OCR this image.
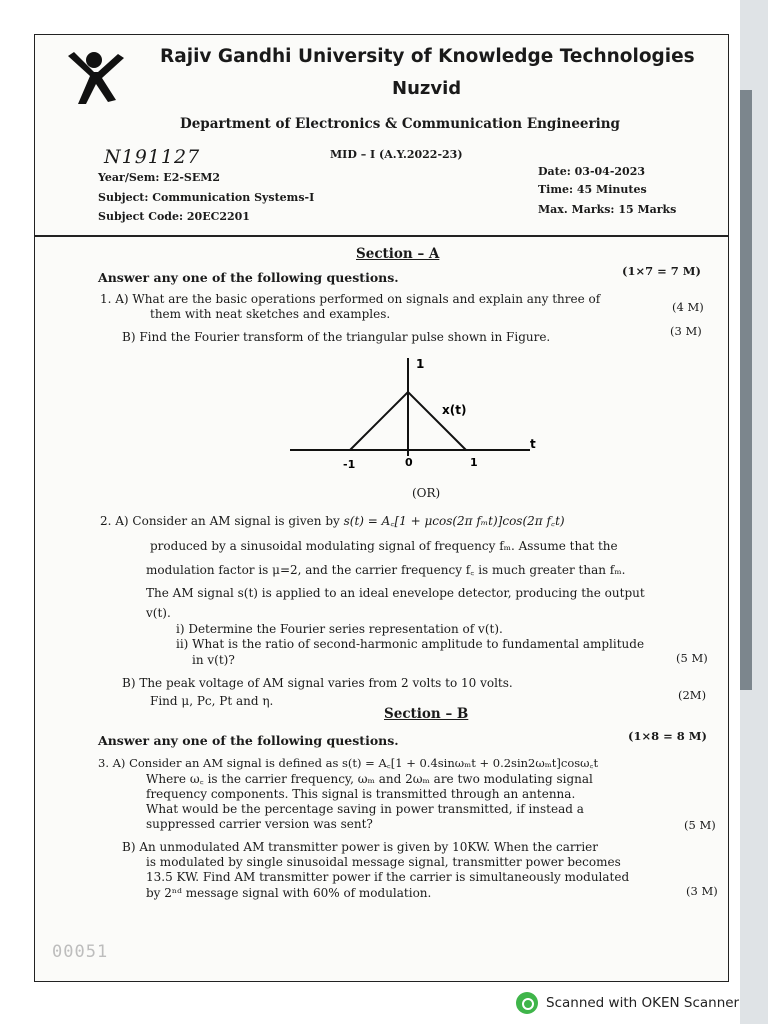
Rajiv Gandhi University of Knowledge Technologies
Nuzvid
Department of Electronics & Communication Engineering
N191127	MID – I (A.Y.2022-23)
Year/Sem: E2-SEM2
Subject: Communication Systems-I
Subject Code: 20EC2201
Date: 03-04-2023
Time: 45 Minutes
Max. Marks: 15 Marks
Section – A
Answer any one of the following questions.	(1×7 = 7 M)
1. A) What are the basic operations performed on signals and explain any three of
them with neat sketches and examples.	(4 M)
B) Find the Fourier transform of the triangular pulse shown in Figure.	(3 M)
1
x(t)
t
-1	0	1
(OR)
2. A) Consider an AM signal is given by s(t) = A꜀[1 + μcos(2π fₘt)]cos(2π f꜀t)
produced by a sinusoidal modulating signal of frequency fₘ. Assume that the
modulation factor is μ=2, and the carrier frequency f꜀ is much greater than fₘ.
The AM signal s(t) is applied to an ideal enevelope detector, producing the output
v(t).
i) Determine the Fourier series representation of v(t).
ii) What is the ratio of second-harmonic amplitude to fundamental amplitude
in v(t)?	(5 M)
B) The peak voltage of AM signal varies from 2 volts to 10 volts.
Find μ, Pc, Pt and η.	(2M)
Section – B
Answer any one of the following questions.	(1×8 = 8 M)
3. A) Consider an AM signal is defined as s(t) = A꜀[1 + 0.4sinωₘt + 0.2sin2ωₘt]cosω꜀t
Where ω꜀ is the carrier frequency, ωₘ and 2ωₘ are two modulating signal
frequency components. This signal is transmitted through an antenna.
What would be the percentage saving in power transmitted, if instead a
suppressed carrier version was sent?	(5 M)
B) An unmodulated AM transmitter power is given by 10KW. When the carrier
is modulated by single sinusoidal message signal, transmitter power becomes
13.5 KW. Find AM transmitter power if the carrier is simultaneously modulated
by 2ⁿᵈ message signal with 60% of modulation.	(3 M)
00051
Scanned with OKEN Scanner
